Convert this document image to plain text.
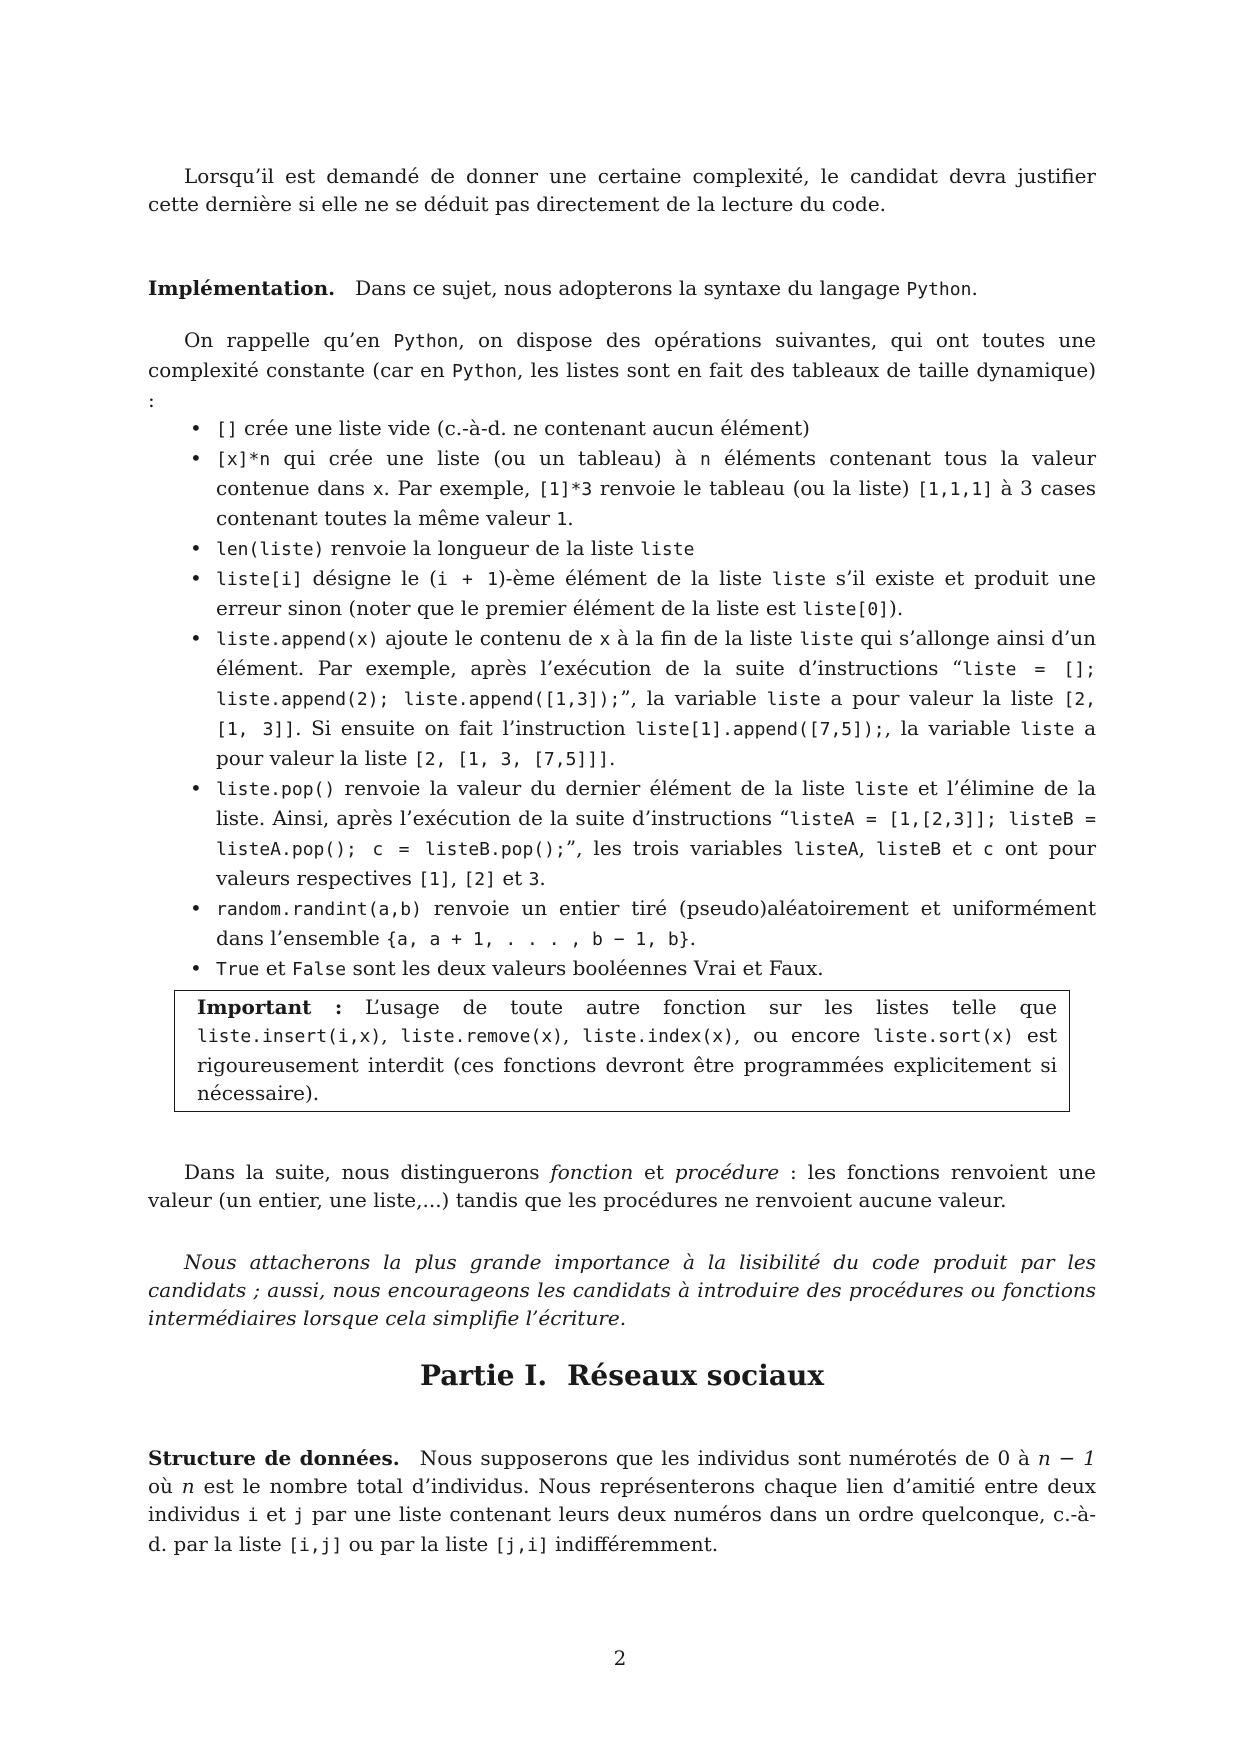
Lorsqu’il est demandé de donner une certaine complexité, le candidat devra justifier cette dernière si elle ne se déduit pas directement de la lecture du code.

Implémentation. Dans ce sujet, nous adopterons la syntaxe du langage Python.

On rappelle qu’en Python, on dispose des opérations suivantes, qui ont toutes une complexité constante (car en Python, les listes sont en fait des tableaux de taille dynamique) :

• [] crée une liste vide (c.-à-d. ne contenant aucun élément)
• [x]*n qui crée une liste (ou un tableau) à n éléments contenant tous la valeur contenue dans x. Par exemple, [1]*3 renvoie le tableau (ou la liste) [1,1,1] à 3 cases contenant toutes la même valeur 1.
• len(liste) renvoie la longueur de la liste liste
• liste[i] désigne le (i + 1)-ème élément de la liste liste s’il existe et produit une erreur sinon (noter que le premier élément de la liste est liste[0]).
• liste.append(x) ajoute le contenu de x à la fin de la liste liste qui s’allonge ainsi d’un élément. Par exemple, après l’exécution de la suite d’instructions “liste = []; liste.append(2); liste.append([1,3]);”, la variable liste a pour valeur la liste [2, [1, 3]]. Si ensuite on fait l’instruction liste[1].append([7,5]);, la variable liste a pour valeur la liste [2, [1, 3, [7,5]]].
• liste.pop() renvoie la valeur du dernier élément de la liste liste et l’élimine de la liste. Ainsi, après l’exécution de la suite d’instructions “listeA = [1,[2,3]]; listeB = listeA.pop(); c = listeB.pop();”, les trois variables listeA, listeB et c ont pour valeurs respectives [1], [2] et 3.
• random.randint(a,b) renvoie un entier tiré (pseudo)aléatoirement et uniformément dans l’ensemble {a, a + 1, . . . , b − 1, b}.
• True et False sont les deux valeurs booléennes Vrai et Faux.

Important : L’usage de toute autre fonction sur les listes telle que liste.insert(i,x), liste.remove(x), liste.index(x), ou encore liste.sort(x) est rigoureusement interdit (ces fonctions devront être programmées explicitement si nécessaire).

Dans la suite, nous distinguerons fonction et procédure : les fonctions renvoient une valeur (un entier, une liste,...) tandis que les procédures ne renvoient aucune valeur.

Nous attacherons la plus grande importance à la lisibilité du code produit par les candidats ; aussi, nous encourageons les candidats à introduire des procédures ou fonctions intermédiaires lorsque cela simplifie l’écriture.

Partie I. Réseaux sociaux

Structure de données. Nous supposerons que les individus sont numérotés de 0 à n − 1 où n est le nombre total d’individus. Nous représenterons chaque lien d’amitié entre deux individus i et j par une liste contenant leurs deux numéros dans un ordre quelconque, c.-à-d. par la liste [i,j] ou par la liste [j,i] indifféremment.

2
